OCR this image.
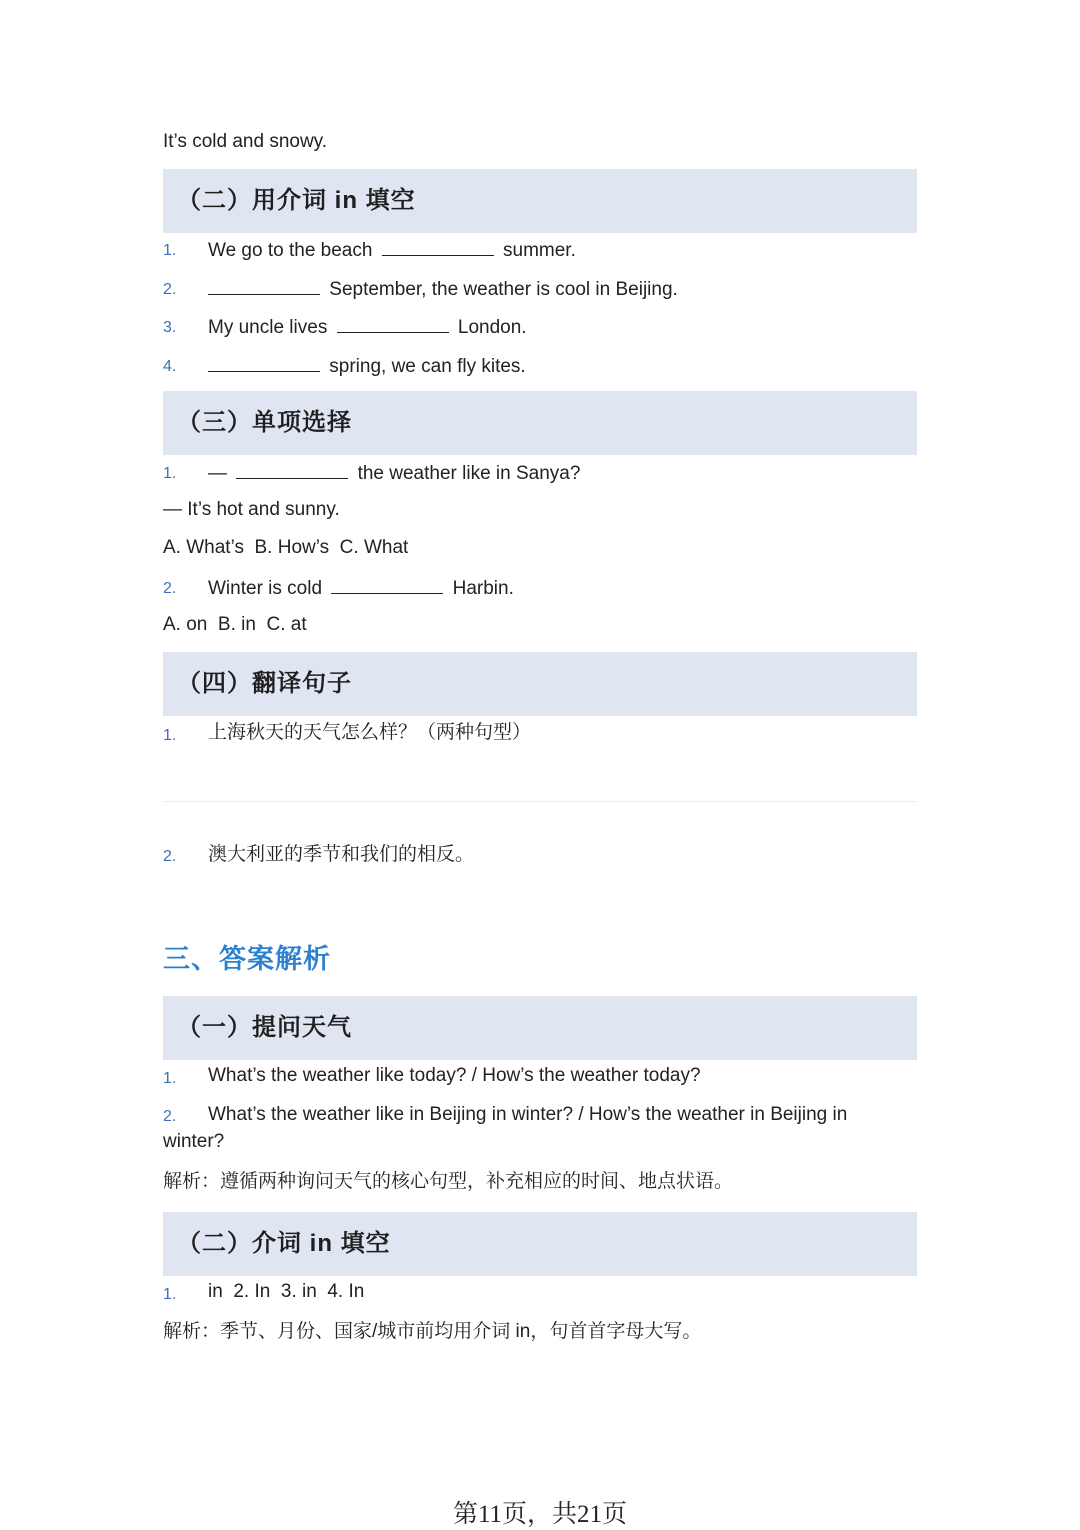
It’s cold and snowy.
（二）用介词 in 填空
1. We go to the beach	summer.
2.	September, the weather is cool in Beijing.
3. My uncle lives	London.
4.	spring, we can fly kites.
（三）单项选择
1. —	the weather like in Sanya?
— It’s hot and sunny.
A. What’s  B. How’s  C. What
2. Winter is cold	Harbin.
A. on  B. in  C. at
（四）翻译句子
1. 上海秋天的天气怎么样？（两种句型）
2. 澳大利亚的季节和我们的相反。
三、答案解析
（一）提问天气
1. What’s the weather like today? / How’s the weather today?
2. What’s the weather like in Beijing in winter? / How’s the weather in Beijing in
winter?
解析：遵循两种询问天气的核心句型，补充相应的时间、地点状语。
（二）介词 in 填空
1. in  2. In  3. in  4. In
解析：季节、月份、国家/城市前均用介词 in，句首首字母大写。
第11页，共21页
